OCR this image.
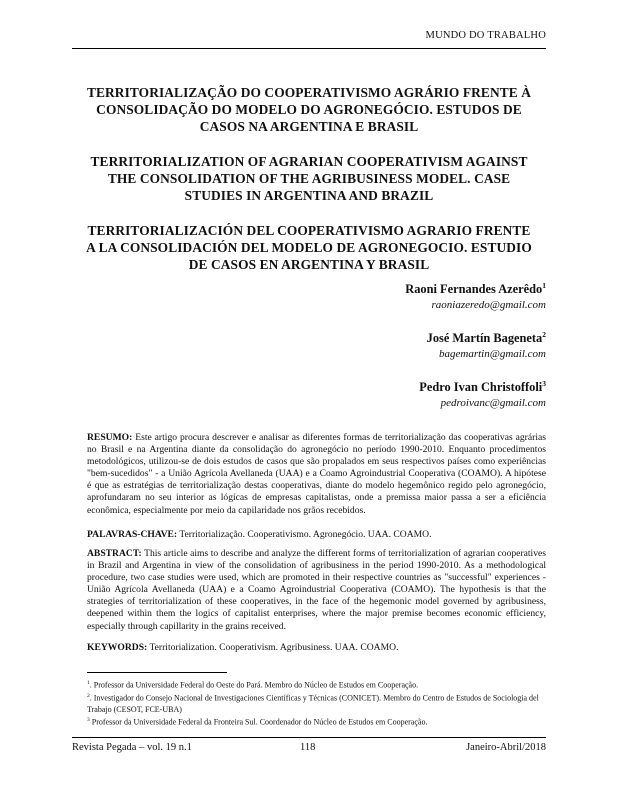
MUNDO DO TRABALHO

TERRITORIALIZAÇÃO DO COOPERATIVISMO AGRÁRIO FRENTE À CONSOLIDAÇÃO DO MODELO DO AGRONEGÓCIO. ESTUDOS DE CASOS NA ARGENTINA E BRASIL

TERRITORIALIZATION OF AGRARIAN COOPERATIVISM AGAINST THE CONSOLIDATION OF THE AGRIBUSINESS MODEL. CASE STUDIES IN ARGENTINA AND BRAZIL

TERRITORIALIZACIÓN DEL COOPERATIVISMO AGRARIO FRENTE A LA CONSOLIDACIÓN DEL MODELO DE AGRONEGOCIO. ESTUDIO DE CASOS EN ARGENTINA Y BRASIL

Raoni Fernandes Azerêdo$^1$
raoniazeredo@gmail.com
José Martín Bageneta$^2$
bagemartin@gmail.com
Pedro Ivan Christoffoli$^3$
pedroivanc@gmail.com
RESUMO: Este artigo procura descrever e analisar as diferentes formas de territorialização das cooperativas agrárias no Brasil e na Argentina diante da consolidação do agronegócio no período 1990-2010. Enquanto procedimentos metodológicos, utilizou-se de dois estudos de casos que são propalados em seus respectivos países como experiências "bem-sucedidos" - a União Agrícola Avellaneda (UAA) e a Coamo Agroindustrial Cooperativa (COAMO). A hipótese é que as estratégias de territorialização destas cooperativas, diante do modelo hegemônico regido pelo agronegócio, aprofundaram no seu interior as lógicas de empresas capitalistas, onde a premissa maior passa a ser a eficiência econômica, especialmente por meio da capilaridade nos grãos recebidos.
PALAVRAS-CHAVE: Territorialização. Cooperativismo. Agronegócio. UAA. COAMO.
ABSTRACT: This article aims to describe and analyze the different forms of territorialization of agrarian cooperatives in Brazil and Argentina in view of the consolidation of agribusiness in the period 1990-2010. As a methodological procedure, two case studies were used, which are promoted in their respective countries as "successful" experiences - União Agrícola Avellaneda (UAA) e a Coamo Agroindustrial Cooperativa (COAMO). The hypothesis is that the strategies of territorialization of these cooperatives, in the face of the hegemonic model governed by agribusiness, deepened within them the logics of capitalist enterprises, where the major premise becomes economic efficiency, especially through capillarity in the grains received.
KEYWORDS: Territorialization. Cooperativism. Agribusiness. UAA. COAMO.

$^1$. Professor da Universidade Federal do Oeste do Pará. Membro do Núcleo de Estudos em Cooperação.

$^2$. Investigador do Consejo Nacional de Investigaciones Científicas y Técnicas (CONICET). Membro do Centro de Estudos de Sociologia del Trabajo (CESOT, FCE-UBA)

$^3$ Professor da Universidade Federal da Fronteira Sul. Coordenador do Núcleo de Estudos em Cooperação.

Revista Pegada – vol. 19 n.1	118	Janeiro-Abril/2018
